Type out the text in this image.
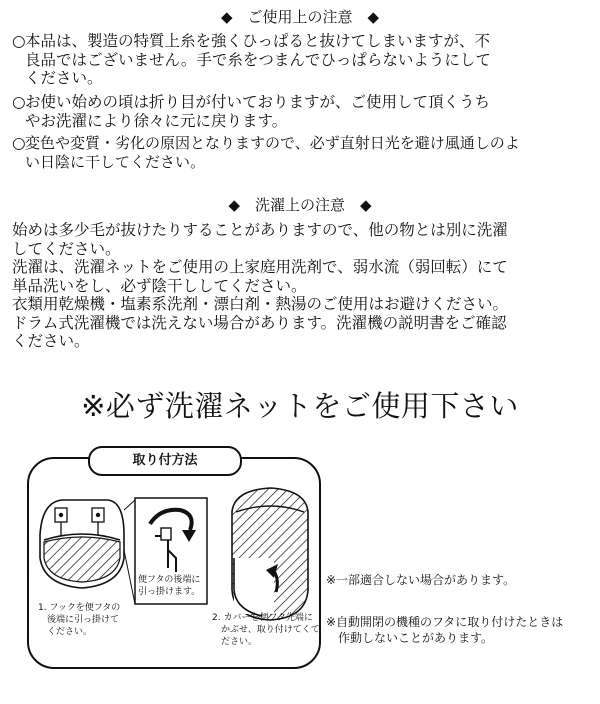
◆　ご使用上の注意　◆
○ 本品は、製造の特質上糸を強くひっぱると抜けてしまいますが、不
良品ではございません。手で糸をつまんでひっぱらないようにして
ください。
○ お使い始めの頃は折り目が付いておりますが、ご使用して頂くうち
やお洗濯により徐々に元に戻ります。
○ 変色や変質・劣化の原因となりますので、必ず直射日光を避け風通しのよ
い日陰に干してください。
◆　洗濯上の注意　◆
始めは多少毛が抜けたりすることがありますので、他の物とは別に洗濯
してください。
洗濯は、洗濯ネットをご使用の上家庭用洗剤で、弱水流（弱回転）にて
単品洗いをし、必ず陰干ししてください。
衣類用乾燥機・塩素系洗剤・漂白剤・熱湯のご使用はお避けください。
ドラム式洗濯機では洗えない場合があります。洗濯機の説明書をご確認
ください。
※必ず洗濯ネットをご使用下さい
取り付方法
便フタの後端に
引っ掛けます。
1. フックを便フタの
　後端に引っ掛けて
　ください。
2. カバーを便フタ先端に
　かぶせ、取り付けてくて
　ださい。
※一部適合しない場合があります。
※自動開閉の機種のフタに取り付けたときは
　作動しないことがあります。
